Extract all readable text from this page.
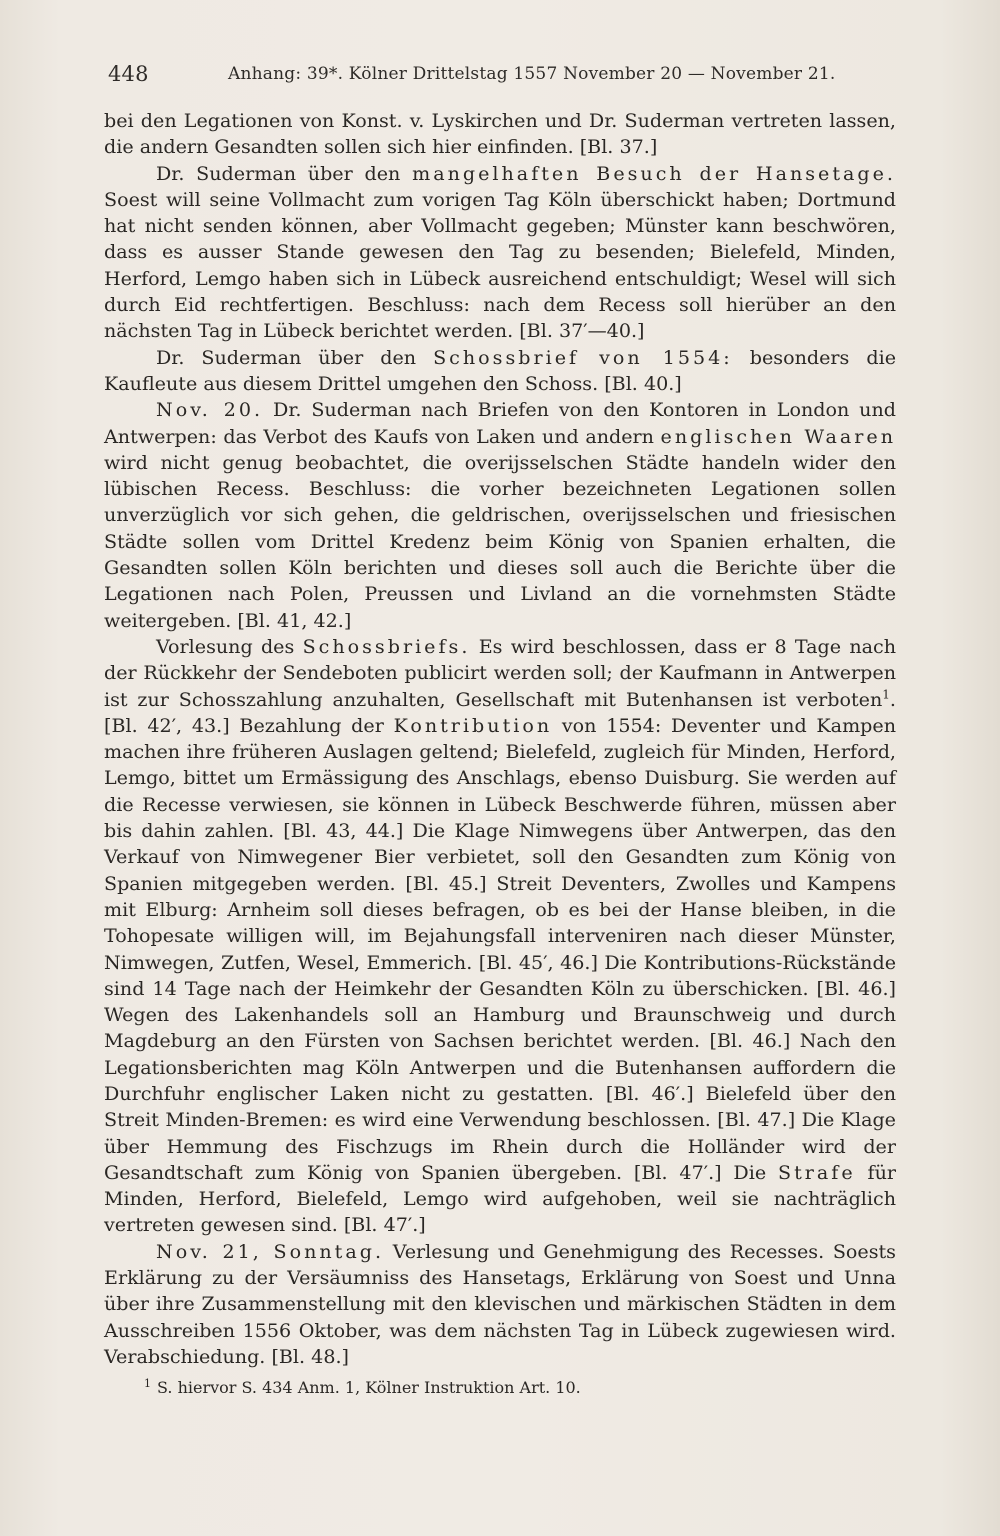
448	Anhang: 39*. Kölner Drittelstag 1557 November 20 — November 21.

bei den Legationen von Konst. v. Lyskirchen und Dr. Suderman vertreten lassen, die andern Gesandten sollen sich hier einfinden. [Bl. 37.]

Dr. Suderman über den mangelhaften Besuch der Hansetage. Soest will seine Vollmacht zum vorigen Tag Köln überschickt haben; Dortmund hat nicht senden können, aber Vollmacht gegeben; Münster kann beschwören, dass es ausser Stande gewesen den Tag zu besenden; Bielefeld, Minden, Herford, Lemgo haben sich in Lübeck ausreichend entschuldigt; Wesel will sich durch Eid rechtfertigen. Beschluss: nach dem Recess soll hierüber an den nächsten Tag in Lübeck berichtet werden. [Bl. 37′—40.]

Dr. Suderman über den Schossbrief von 1554: besonders die Kaufleute aus diesem Drittel umgehen den Schoss. [Bl. 40.]

Nov. 20. Dr. Suderman nach Briefen von den Kontoren in London und Antwerpen: das Verbot des Kaufs von Laken und andern englischen Waaren wird nicht genug beobachtet, die overijsselschen Städte handeln wider den lübischen Recess. Beschluss: die vorher bezeichneten Legationen sollen unverzüglich vor sich gehen, die geldrischen, overijsselschen und friesischen Städte sollen vom Drittel Kredenz beim König von Spanien erhalten, die Gesandten sollen Köln berichten und dieses soll auch die Berichte über die Legationen nach Polen, Preussen und Livland an die vornehmsten Städte weitergeben. [Bl. 41, 42.]

Vorlesung des Schossbriefs. Es wird beschlossen, dass er 8 Tage nach der Rückkehr der Sendeboten publicirt werden soll; der Kaufmann in Antwerpen ist zur Schosszahlung anzuhalten, Gesellschaft mit Butenhansen ist verboten$^1$. [Bl. 42′, 43.] Bezahlung der Kontribution von 1554: Deventer und Kampen machen ihre früheren Auslagen geltend; Bielefeld, zugleich für Minden, Herford, Lemgo, bittet um Ermässigung des Anschlags, ebenso Duisburg. Sie werden auf die Recesse verwiesen, sie können in Lübeck Beschwerde führen, müssen aber bis dahin zahlen. [Bl. 43, 44.] Die Klage Nimwegens über Antwerpen, das den Verkauf von Nimwegener Bier verbietet, soll den Gesandten zum König von Spanien mitgegeben werden. [Bl. 45.] Streit Deventers, Zwolles und Kampens mit Elburg: Arnheim soll dieses befragen, ob es bei der Hanse bleiben, in die Tohopesate willigen will, im Bejahungsfall interveniren nach dieser Münster, Nimwegen, Zutfen, Wesel, Emmerich. [Bl. 45′, 46.] Die Kontributions-Rückstände sind 14 Tage nach der Heimkehr der Gesandten Köln zu überschicken. [Bl. 46.] Wegen des Lakenhandels soll an Hamburg und Braunschweig und durch Magdeburg an den Fürsten von Sachsen berichtet werden. [Bl. 46.] Nach den Legationsberichten mag Köln Antwerpen und die Butenhansen auffordern die Durchfuhr englischer Laken nicht zu gestatten. [Bl. 46′.] Bielefeld über den Streit Minden-Bremen: es wird eine Verwendung beschlossen. [Bl. 47.] Die Klage über Hemmung des Fischzugs im Rhein durch die Holländer wird der Gesandtschaft zum König von Spanien übergeben. [Bl. 47′.] Die Strafe für Minden, Herford, Bielefeld, Lemgo wird aufgehoben, weil sie nachträglich vertreten gewesen sind. [Bl. 47′.]

Nov. 21, Sonntag. Verlesung und Genehmigung des Recesses. Soests Erklärung zu der Versäumniss des Hansetags, Erklärung von Soest und Unna über ihre Zusammenstellung mit den klevischen und märkischen Städten in dem Ausschreiben 1556 Oktober, was dem nächsten Tag in Lübeck zugewiesen wird. Verabschiedung. [Bl. 48.]

$^1$ S. hiervor S. 434 Anm. 1, Kölner Instruktion Art. 10.
